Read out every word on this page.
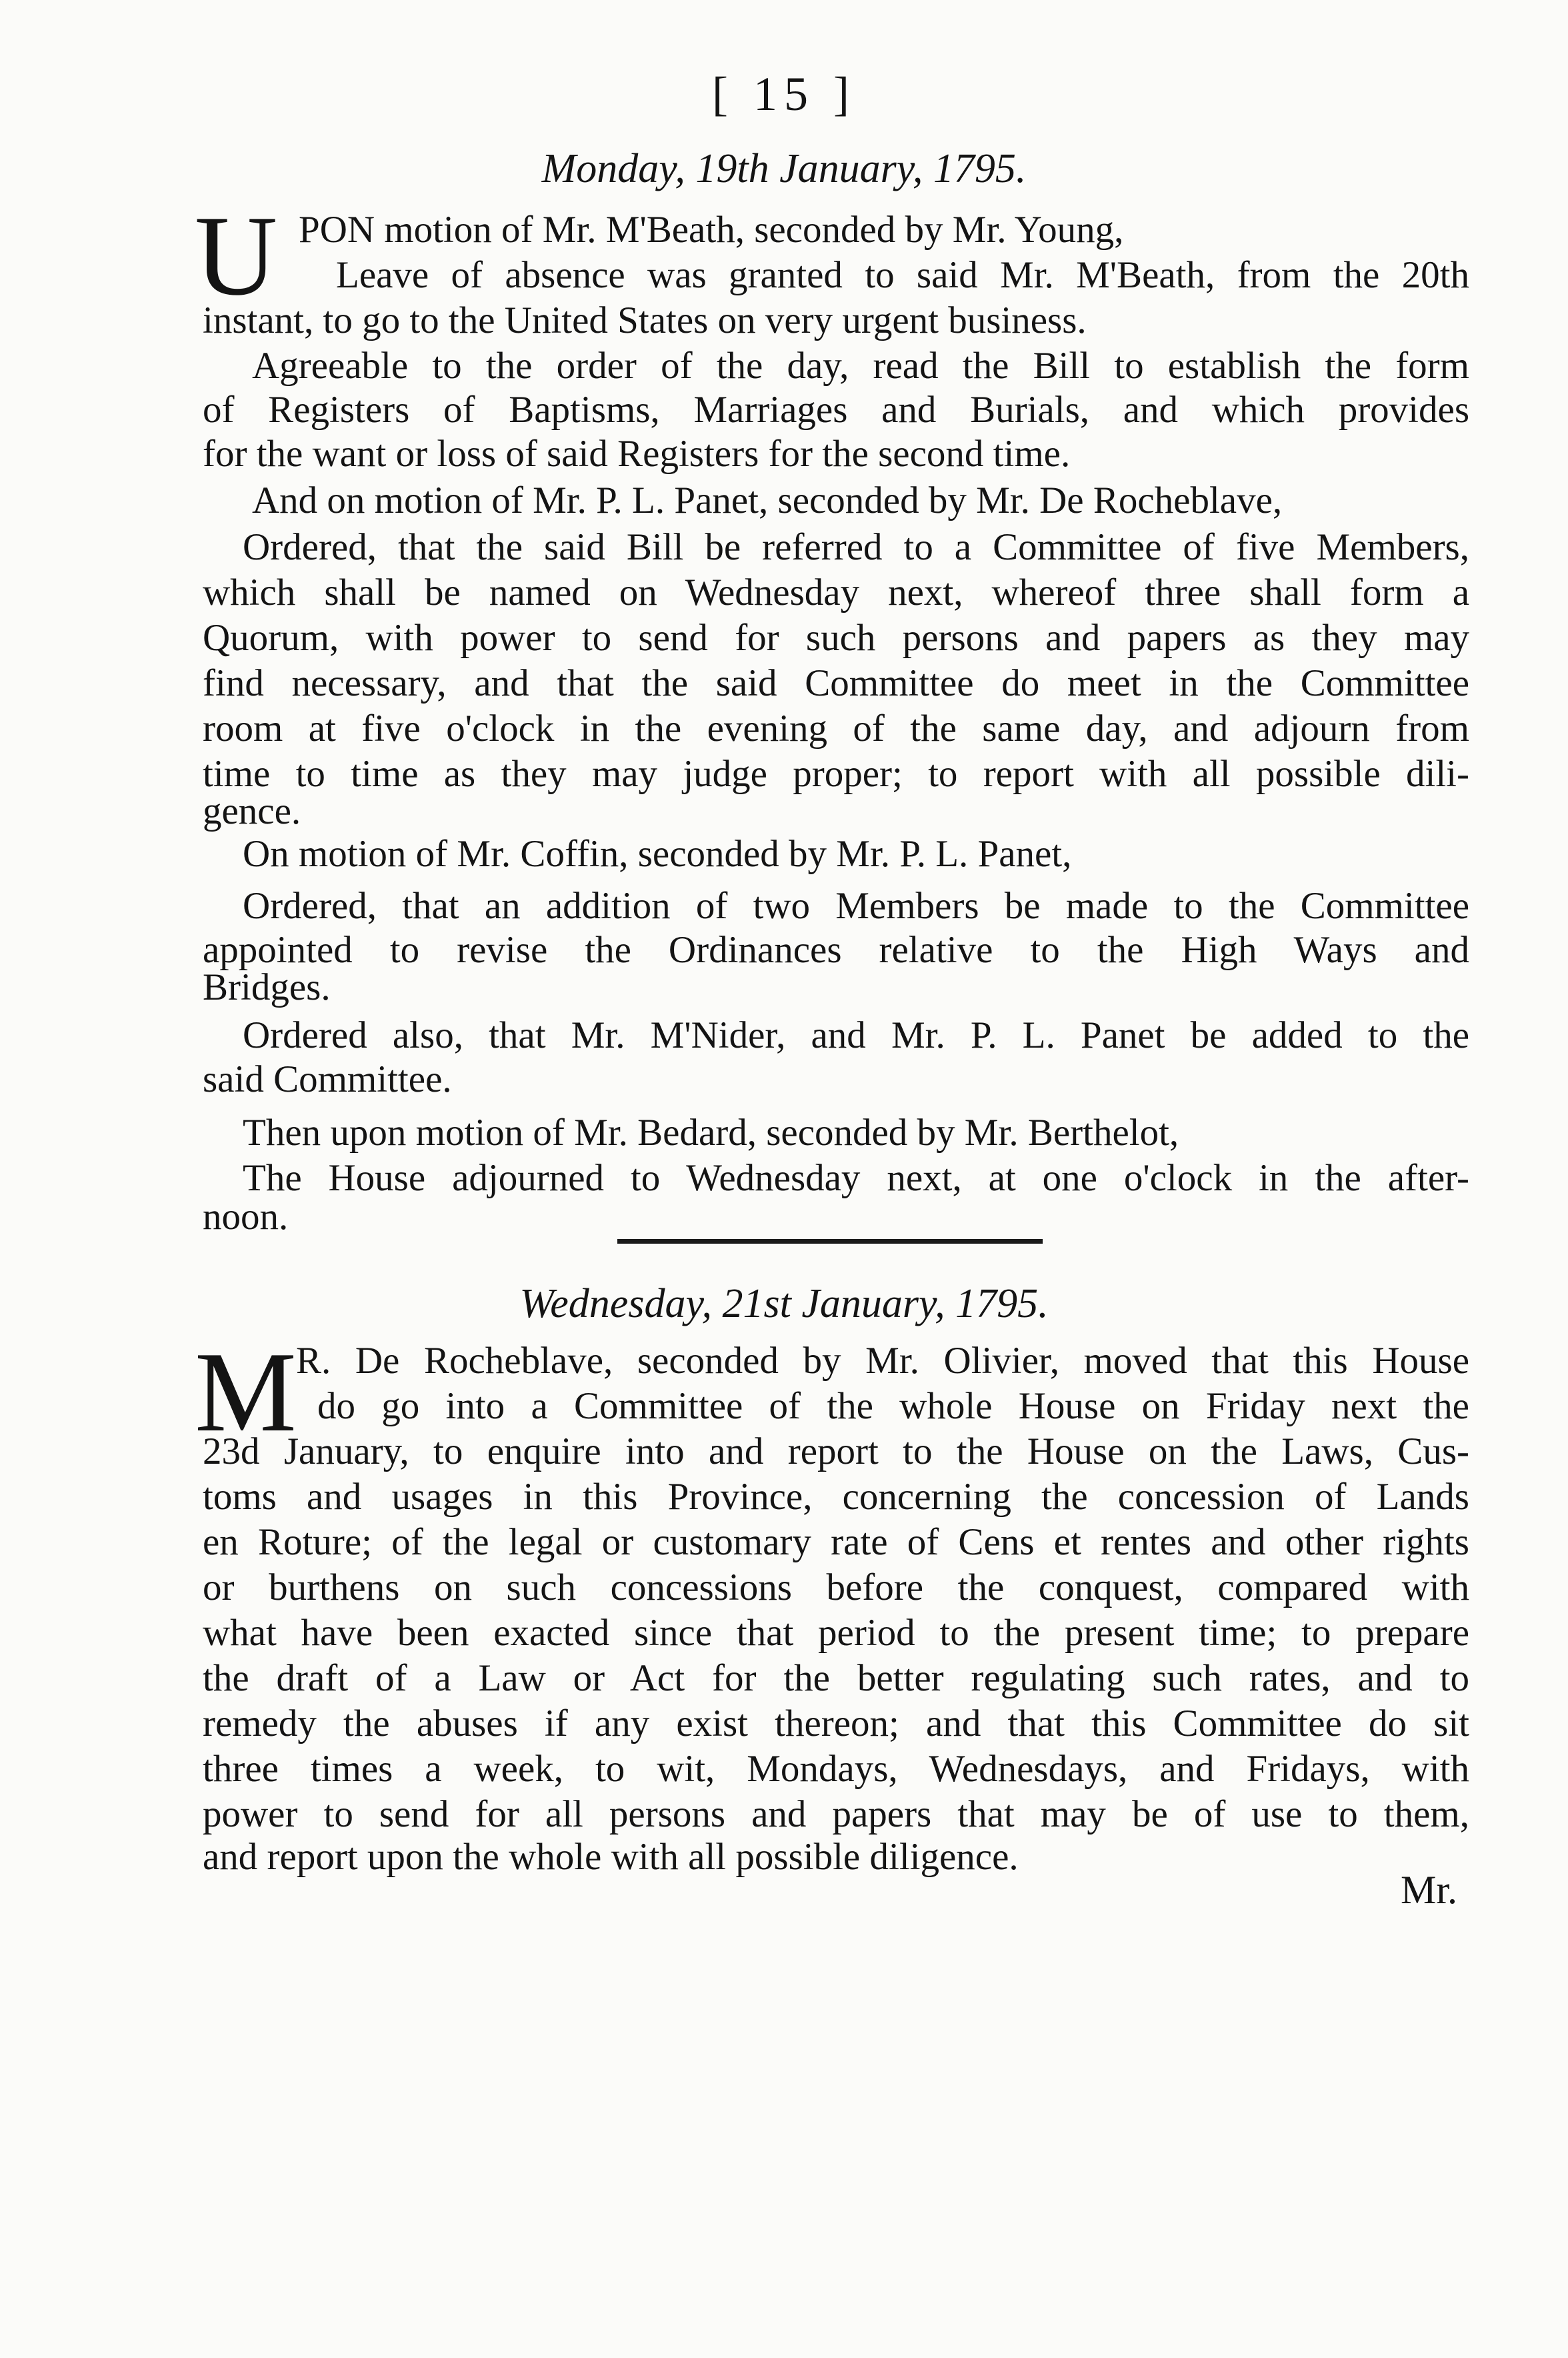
[ 15 ]
Monday, 19th January, 1795.
U PON motion of Mr. M'Beath, seconded by Mr. Young,
Leave of absence was granted to said Mr. M'Beath, from the 20th
instant, to go to the United States on very urgent business.
Agreeable to the order of the day, read the Bill to establish the form
of Registers of Baptisms, Marriages and Burials, and which provides
for the want or loss of said Registers for the second time.
And on motion of Mr. P. L. Panet, seconded by Mr. De Rocheblave,
Ordered, that the said Bill be referred to a Committee of five Members,
which shall be named on Wednesday next, whereof three shall form a
Quorum, with power to send for such persons and papers as they may
find necessary, and that the said Committee do meet in the Committee
room at five o'clock in the evening of the same day, and adjourn from
time to time as they may judge proper; to report with all possible dili-
gence.
On motion of Mr. Coffin, seconded by Mr. P. L. Panet,
Ordered, that an addition of two Members be made to the Committee
appointed to revise the Ordinances relative to the High Ways and
Bridges.
Ordered also, that Mr. M'Nider, and Mr. P. L. Panet be added to the
said Committee.
Then upon motion of Mr. Bedard, seconded by Mr. Berthelot,
The House adjourned to Wednesday next, at one o'clock in the after-
noon.
Wednesday, 21st January, 1795.
M R. De Rocheblave, seconded by Mr. Olivier, moved that this House
do go into a Committee of the whole House on Friday next the
23d January, to enquire into and report to the House on the Laws, Cus-
toms and usages in this Province, concerning the concession of Lands
en Roture; of the legal or customary rate of Cens et rentes and other rights
or burthens on such concessions before the conquest, compared with
what have been exacted since that period to the present time; to prepare
the draft of a Law or Act for the better regulating such rates, and to
remedy the abuses if any exist thereon; and that this Committee do sit
three times a week, to wit, Mondays, Wednesdays, and Fridays, with
power to send for all persons and papers that may be of use to them,
and report upon the whole with all possible diligence.
Mr.
